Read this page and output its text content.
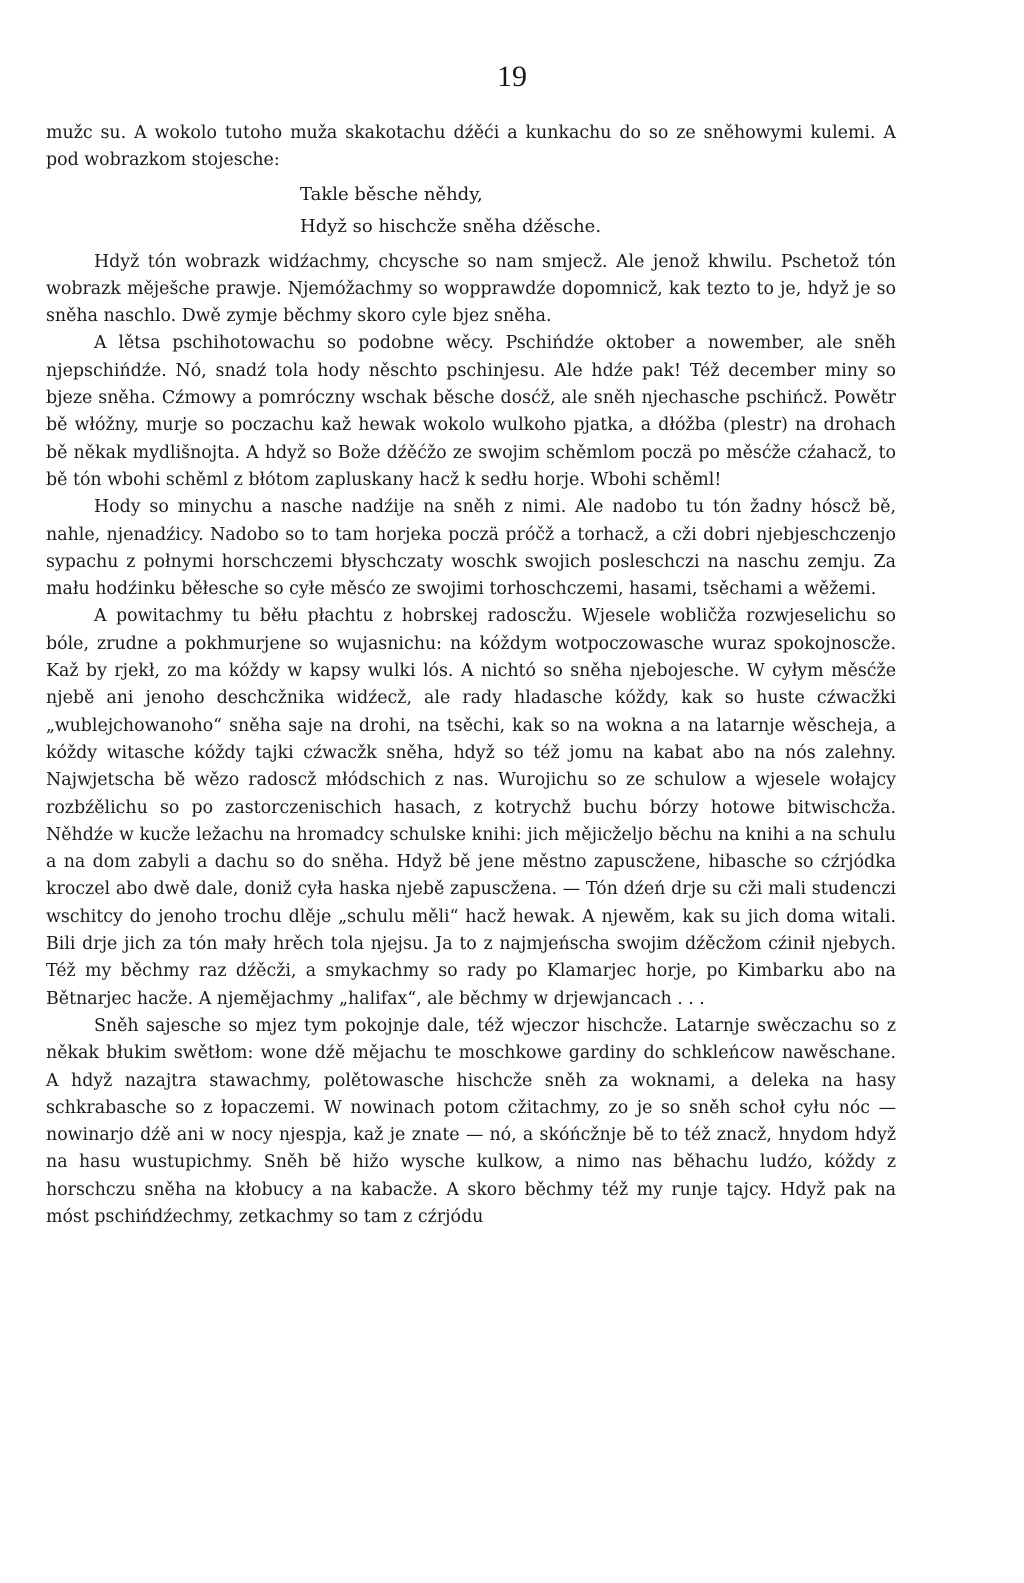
19

mužc su. A wokolo tutoho muža skakotachu dźěći a kunkachu do so ze sněhowymi kulemi. A pod wobrazkom stojesche:

Takle běsche něhdy,
Hdyž so hischcže sněha dźěsche.

Hdyž tón wobrazk widźachmy, chcysche so nam smjecž. Ale jenož khwilu. Pschetož tón wobrazk měješche prawje. Njemóžachmy so wopprawdźe dopomnicž, kak tezto to je, hdyž je so sněha naschlo. Dwě zymje běchmy skoro cyle bjez sněha.

A lětsa pschihotowachu so podobne wěcy. Pschińdźe oktober a nowember, ale sněh njepschińdźe. Nó, snadź tola hody něschto pschinjesu. Ale hdźe pak! Též december miny so bjeze sněha. Cźmowy a pomróczny wschak běsche dosćž, ale sněh njechasche pschińcž. Powětr bě włóžny, murje so poczachu kaž hewak wokolo wulkoho pjatka, a dłóžba (plestr) na drohach bě někak mydlišnojta. A hdyž so Bože dźěćžo ze swojim schěmlom poczä po měsćže cźahacž, to bě tón wbohi schěml z błótom zapluskany hacž k sedłu horje. Wbohi schěml!

Hody so minychu a nasche nadźije na sněh z nimi. Ale nadobo tu tón žadny hóscž bě, nahle, njenadźicy. Nadobo so to tam horjeka poczä próčž a torhacž, a cži dobri njebjeschczenjo sypachu z połnymi horschczemi błyschczaty woschk swojich posleschczi na naschu zemju. Za mału hodźinku běłesche so cyłe měsćo ze swojimi torhoschczemi, hasami, tsěchami a wěžemi.

A powitachmy tu běłu płachtu z hobrskej radoscžu. Wjesele wobličža rozwjeselichu so bóle, zrudne a pokhmurjene so wujasnichu: na kóždym wotpoczowasche wuraz spokojnoscže. Kaž by rjekł, zo ma kóždy w kapsy wulki lós. A nichtó so sněha njebojesche. W cyłym měsćže njebě ani jenoho deschcžnika widźecž, ale rady hladasche kóždy, kak so huste cźwacžki „wublejchowanoho“ sněha saje na drohi, na tsěchi, kak so na wokna a na latarnje wěscheja, a kóždy witasche kóždy tajki cźwacžk sněha, hdyž so též jomu na kabat abo na nós zalehny. Najwjetscha bě wězo radoscž młódschich z nas. Wurojichu so ze schulow a wjesele wołajcy rozbźělichu so po zastorczenischich hasach, z kotrychž buchu bórzy hotowe bitwischcža. Něhdźe w kucže ležachu na hromadcy schulske knihi: jich mějicželjo běchu na knihi a na schulu a na dom zabyli a dachu so do sněha. Hdyž bě jene městno zapuscžene, hibasche so cźrjódka kroczel abo dwě dale, doniž cyła haska njebě zapuscžena. — Tón dźeń drje su cži mali studenczi wschitcy do jenoho trochu dlěje „schulu měli“ hacž hewak. A njewěm, kak su jich doma witali. Bili drje jich za tón mały hrěch tola njejsu. Ja to z najmjeńscha swojim dźěcžom cźinił njebych. Též my běchmy raz dźěcži, a smykachmy so rady po Klamarjec horje, po Kimbarku abo na Bětnarjec hacže. A njeměјachmy „halifax“, ale běchmy w drjewjancach . . .

Sněh sajesche so mjez tym pokojnje dale, též wjeczor hischcže. Latarnje swěczachu so z někak błukim swětłom: wone dźě mějachu te moschkowe gardiny do schkleńcow nawěschane. A hdyž nazajtra stawachmy, polětowasche hischcže sněh za woknami, a deleka na hasy schkrabasche so z łopaczemi. W nowinach potom cžitachmy, zo je so sněh schoł cyłu nóc — nowinarjo dźě ani w nocy njespja, kaž je znate — nó, a skóńcžnje bě to též znacž, hnydom hdyž na hasu wustupichmy. Sněh bě hižo wysche kulkow, a nimo nas běhachu ludźo, kóždy z horschczu sněha na kłobucy a na kabacže. A skoro běchmy též my runje tajcy. Hdyž pak na móst pschińdźechmy, zetkachmy so tam z cźrjódu
